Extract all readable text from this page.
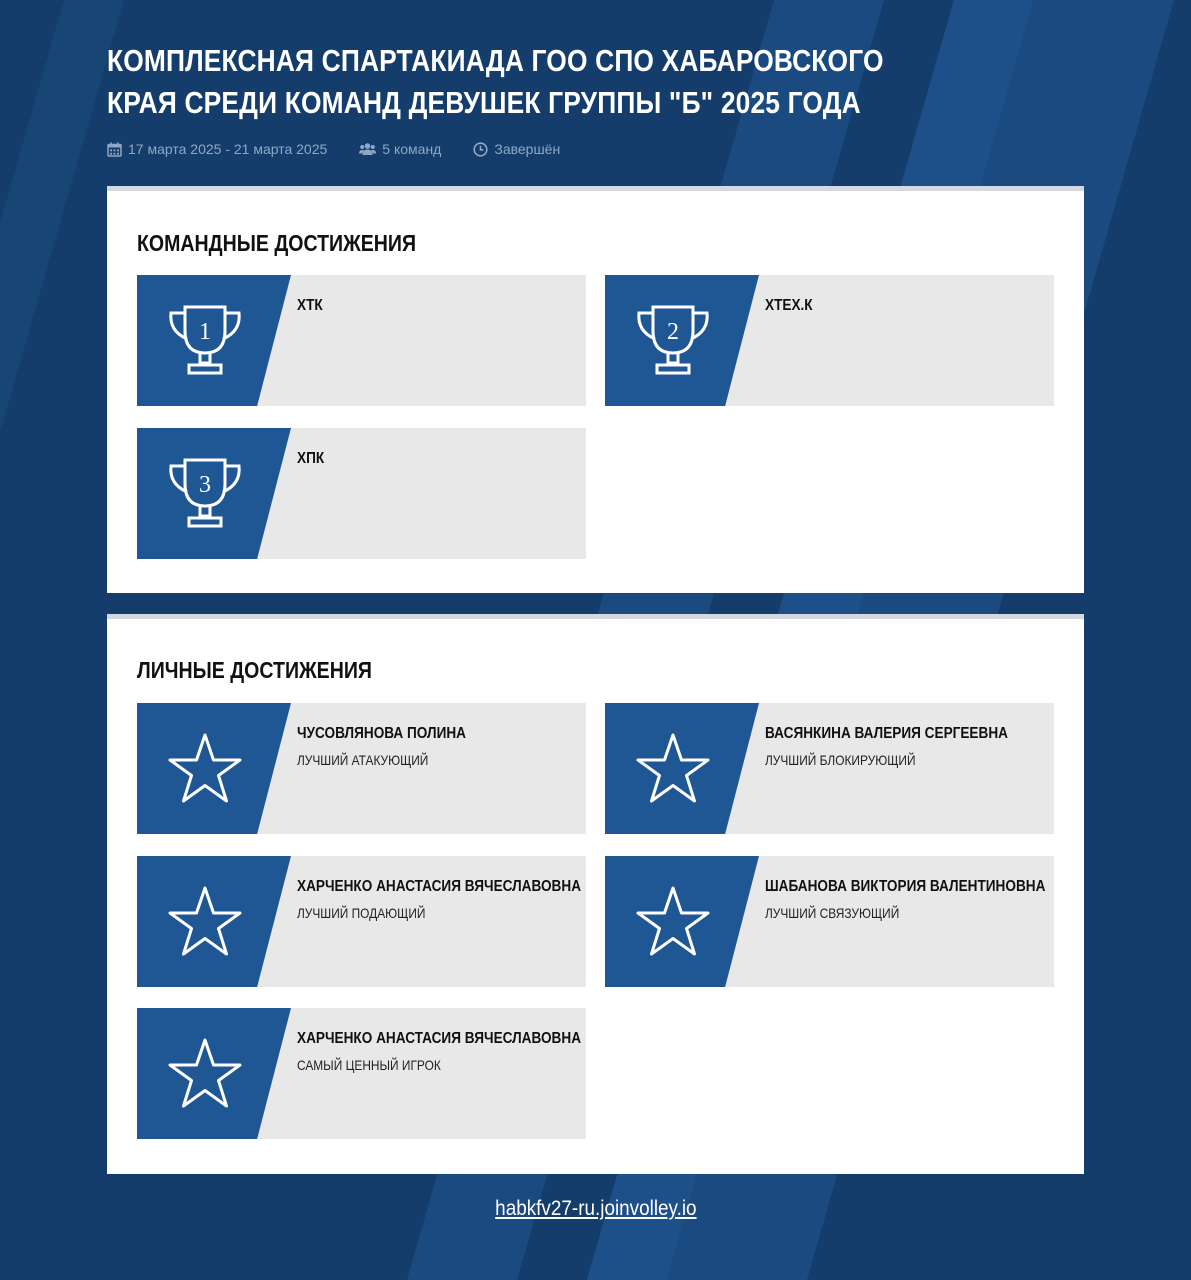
КОМПЛЕКСНАЯ СПАРТАКИАДА ГОО СПО ХАБАРОВСКОГО КРАЯ СРЕДИ КОМАНД ДЕВУШЕК ГРУППЫ "Б" 2025 ГОДА
17 марта 2025 - 21 марта 2025	5 команд	Завершён
КОМАНДНЫЕ ДОСТИЖЕНИЯ
1
ХТК
2
ХТЕХ.К
3
ХПК
ЛИЧНЫЕ ДОСТИЖЕНИЯ
ЧУСОВЛЯНОВА ПОЛИНА
ЛУЧШИЙ АТАКУЮЩИЙ
ВАСЯНКИНА ВАЛЕРИЯ СЕРГЕЕВНА
ЛУЧШИЙ БЛОКИРУЮЩИЙ
ХАРЧЕНКО АНАСТАСИЯ ВЯЧЕСЛАВОВНА
ЛУЧШИЙ ПОДАЮЩИЙ
ШАБАНОВА ВИКТОРИЯ ВАЛЕНТИНОВНА
ЛУЧШИЙ СВЯЗУЮЩИЙ
ХАРЧЕНКО АНАСТАСИЯ ВЯЧЕСЛАВОВНА
САМЫЙ ЦЕННЫЙ ИГРОК
habkfv27-ru.joinvolley.io
